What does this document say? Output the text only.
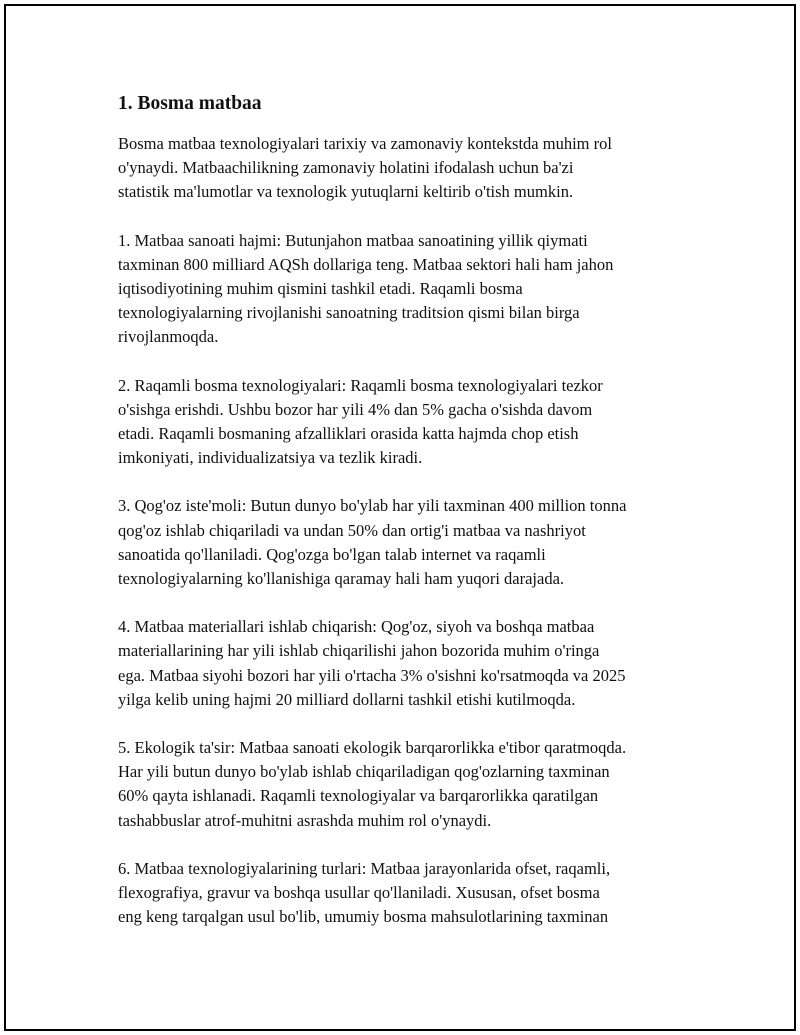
1. Bosma matbaa
Bosma matbaa texnologiyalari tarixiy va zamonaviy kontekstda muhim rol
o'ynaydi. Matbaachilikning zamonaviy holatini ifodalash uchun ba'zi
statistik ma'lumotlar va texnologik yutuqlarni keltirib o'tish mumkin.
1. Matbaa sanoati hajmi: Butunjahon matbaa sanoatining yillik qiymati
taxminan 800 milliard AQSh dollariga teng. Matbaa sektori hali ham jahon
iqtisodiyotining muhim qismini tashkil etadi. Raqamli bosma
texnologiyalarning rivojlanishi sanoatning traditsion qismi bilan birga
rivojlanmoqda.
2. Raqamli bosma texnologiyalari: Raqamli bosma texnologiyalari tezkor
o'sishga erishdi. Ushbu bozor har yili 4% dan 5% gacha o'sishda davom
etadi. Raqamli bosmaning afzalliklari orasida katta hajmda chop etish
imkoniyati, individualizatsiya va tezlik kiradi.
3. Qog'oz iste'moli: Butun dunyo bo'ylab har yili taxminan 400 million tonna
qog'oz ishlab chiqariladi va undan 50% dan ortig'i matbaa va nashriyot
sanoatida qo'llaniladi. Qog'ozga bo'lgan talab internet va raqamli
texnologiyalarning ko'llanishiga qaramay hali ham yuqori darajada.
4. Matbaa materiallari ishlab chiqarish: Qog'oz, siyoh va boshqa matbaa
materiallarining har yili ishlab chiqarilishi jahon bozorida muhim o'ringa
ega. Matbaa siyohi bozori har yili o'rtacha 3% o'sishni ko'rsatmoqda va 2025
yilga kelib uning hajmi 20 milliard dollarni tashkil etishi kutilmoqda.
5. Ekologik ta'sir: Matbaa sanoati ekologik barqarorlikka e'tibor qaratmoqda.
Har yili butun dunyo bo'ylab ishlab chiqariladigan qog'ozlarning taxminan
60% qayta ishlanadi. Raqamli texnologiyalar va barqarorlikka qaratilgan
tashabbuslar atrof-muhitni asrashda muhim rol o'ynaydi.
6. Matbaa texnologiyalarining turlari: Matbaa jarayonlarida ofset, raqamli,
flexografiya, gravur va boshqa usullar qo'llaniladi. Xususan, ofset bosma
eng keng tarqalgan usul bo'lib, umumiy bosma mahsulotlarining taxminan
